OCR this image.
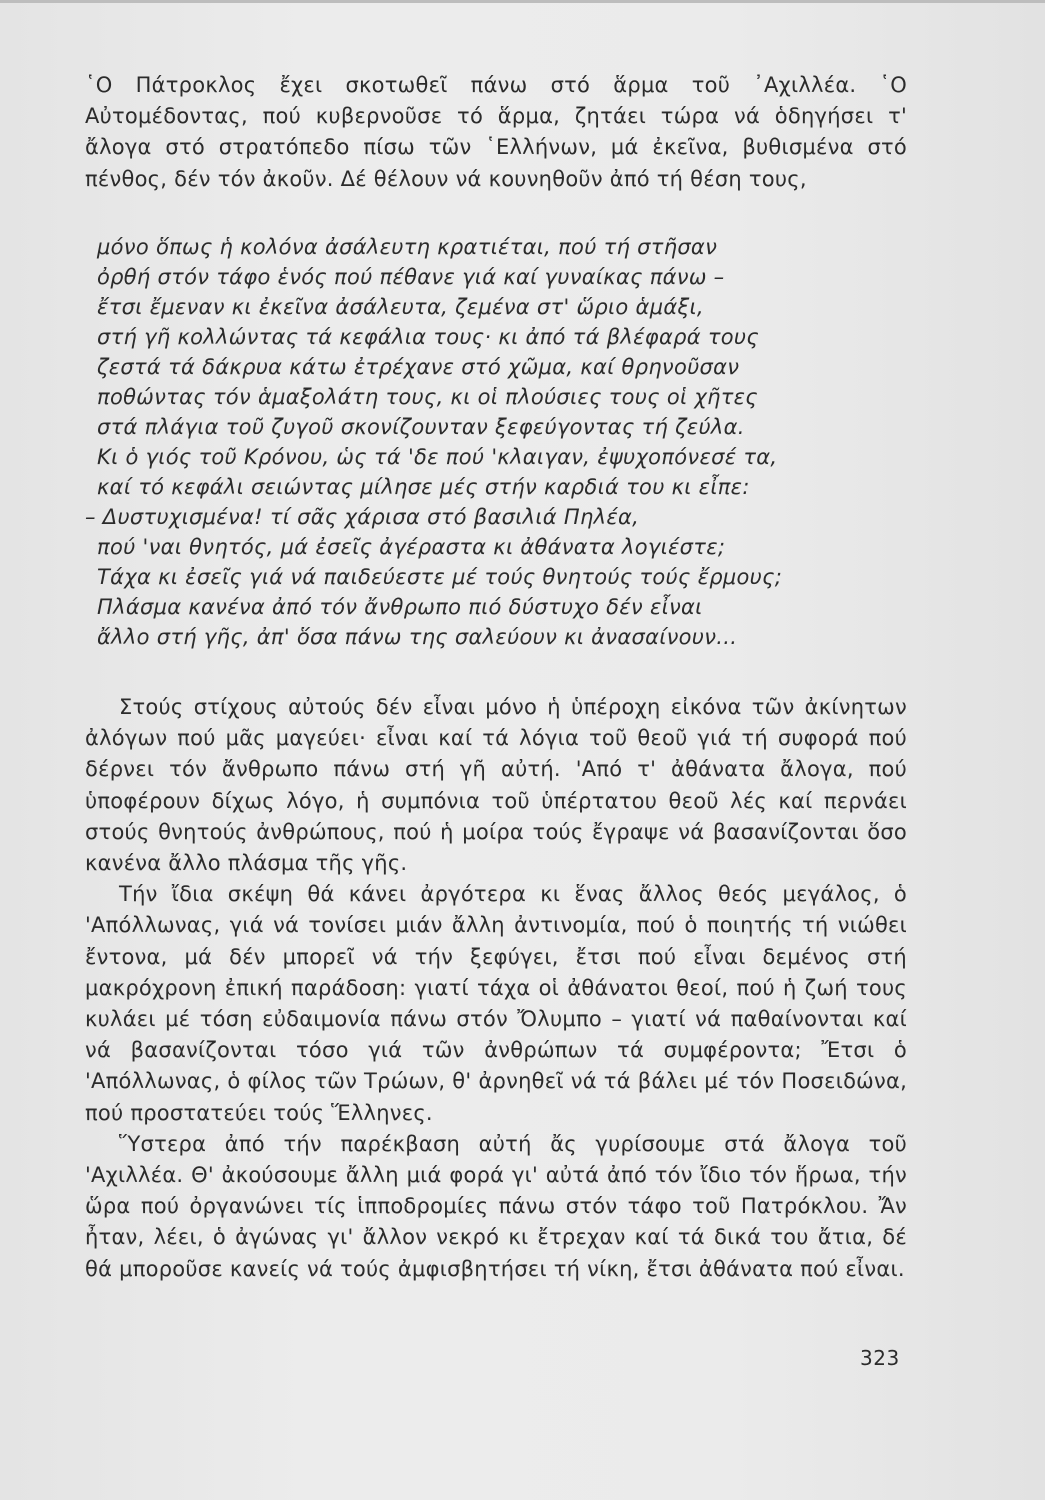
῾Ο Πάτροκλος ἔχει σκοτωθεῖ πάνω στό ἅρμα τοῦ ᾿Αχιλλέα. ῾Ο Αὐτομέδοντας, πού κυβερνοῦσε τό ἅρμα, ζητάει τώρα νά ὁδηγήσει τ' ἄλογα στό στρατόπεδο πίσω τῶν ῾Ελλήνων, μά ἐκεῖνα, βυθισμένα στό πένθος, δέν τόν ἀκοῦν. Δέ θέλουν νά κουνηθοῦν ἀπό τή θέση τους,

μόνο ὅπως ἡ κολόνα ἀσάλευτη κρατιέται, πού τή στῆσαν
ὀρθή στόν τάφο ἑνός πού πέθανε γιά καί γυναίκας πάνω –
ἔτσι ἔμεναν κι ἐκεῖνα ἀσάλευτα, ζεμένα στ' ὥριο ἁμάξι,
στή γῆ κολλώντας τά κεφάλια τους· κι ἀπό τά βλέφαρά τους
ζεστά τά δάκρυα κάτω ἐτρέχανε στό χῶμα, καί θρηνοῦσαν
ποθώντας τόν ἁμαξολάτη τους, κι οἱ πλούσιες τους οἱ χῆτες
στά πλάγια τοῦ ζυγοῦ σκονίζουνταν ξεφεύγοντας τή ζεύλα.
Κι ὁ γιός τοῦ Κρόνου, ὡς τά 'δε πού 'κλαιγαν, ἐψυχοπόνεσέ τα,
καί τό κεφάλι σειώντας μίλησε μές στήν καρδιά του κι εἶπε:
– Δυστυχισμένα! τί σᾶς χάρισα στό βασιλιά Πηλέα,
πού 'ναι θνητός, μά ἐσεῖς ἀγέραστα κι ἀθάνατα λογιέστε;
Τάχα κι ἐσεῖς γιά νά παιδεύεστε μέ τούς θνητούς τούς ἔρμους;
Πλάσμα κανένα ἀπό τόν ἄνθρωπο πιό δύστυχο δέν εἶναι
ἄλλο στή γῆς, ἀπ' ὅσα πάνω της σαλεύουν κι ἀνασαίνουν...

Στούς στίχους αὐτούς δέν εἶναι μόνο ἡ ὑπέροχη εἰκόνα τῶν ἀκίνητων ἀλόγων πού μᾶς μαγεύει· εἶναι καί τά λόγια τοῦ θεοῦ γιά τή συφορά πού δέρνει τόν ἄνθρωπο πάνω στή γῆ αὐτή. 'Από τ' ἀθάνατα ἄλογα, πού ὑποφέρουν δίχως λόγο, ἡ συμπόνια τοῦ ὑπέρτατου θεοῦ λές καί περνάει στούς θνητούς ἀνθρώπους, πού ἡ μοίρα τούς ἔγραψε νά βασανίζονται ὅσο κανένα ἄλλο πλάσμα τῆς γῆς.

Τήν ἴδια σκέψη θά κάνει ἀργότερα κι ἕνας ἄλλος θεός μεγάλος, ὁ 'Απόλλωνας, γιά νά τονίσει μιάν ἄλλη ἀντινομία, πού ὁ ποιητής τή νιώθει ἔντονα, μά δέν μπορεῖ νά τήν ξεφύγει, ἔτσι πού εἶναι δεμένος στή μακρόχρονη ἐπική παράδοση: γιατί τάχα οἱ ἀθάνατοι θεοί, πού ἡ ζωή τους κυλάει μέ τόση εὐδαιμονία πάνω στόν Ὄλυμπο – γιατί νά παθαίνονται καί νά βασανίζονται τόσο γιά τῶν ἀνθρώπων τά συμφέροντα; Ἔτσι ὁ 'Απόλλωνας, ὁ φίλος τῶν Τρώων, θ' ἀρνηθεῖ νά τά βάλει μέ τόν Ποσειδώνα, πού προστατεύει τούς Ἕλληνες.

Ὕστερα ἀπό τήν παρέκβαση αὐτή ἄς γυρίσουμε στά ἄλογα τοῦ 'Αχιλλέα. Θ' ἀκούσουμε ἄλλη μιά φορά γι' αὐτά ἀπό τόν ἴδιο τόν ἥρωα, τήν ὥρα πού ὀργανώνει τίς ἱπποδρομίες πάνω στόν τάφο τοῦ Πατρόκλου. Ἄν ἦταν, λέει, ὁ ἀγώνας γι' ἄλλον νεκρό κι ἔτρεχαν καί τά δικά του ἄτια, δέ θά μποροῦσε κανείς νά τούς ἀμφισβητήσει τή νίκη, ἔτσι ἀθάνατα πού εἶναι.

323
